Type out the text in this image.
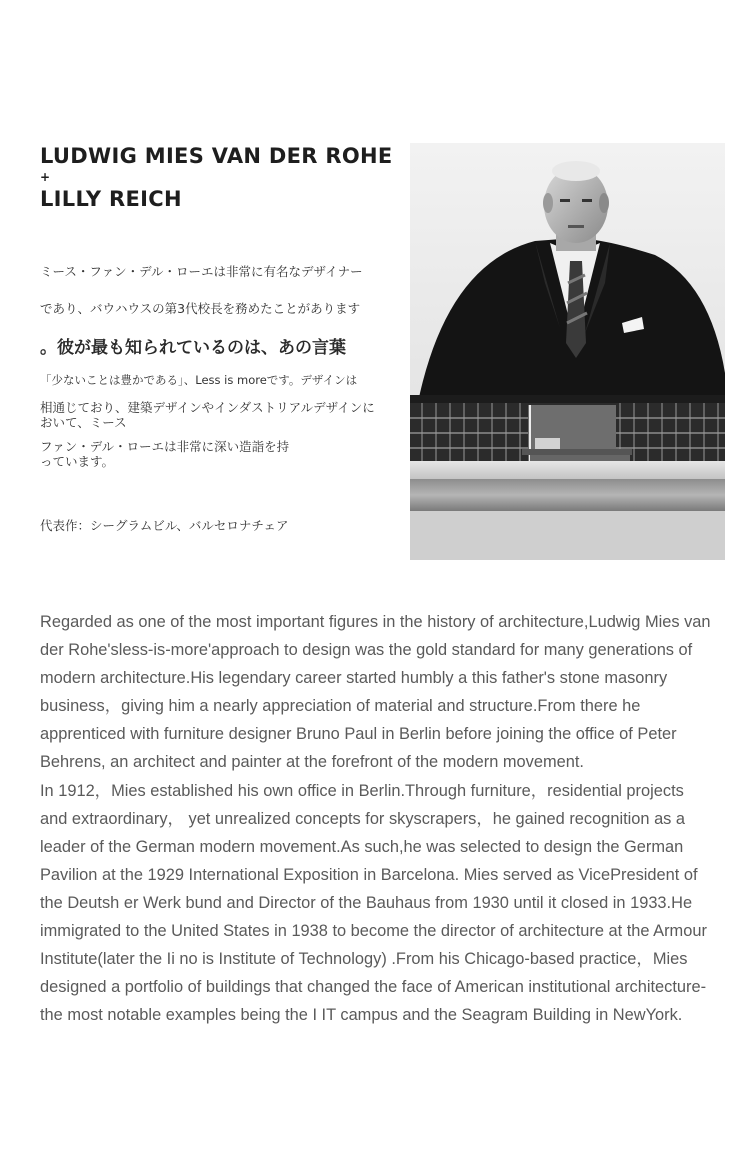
LUDWIG MIES VAN DER ROHE
+
LILLY REICH
ミース・ファン・デル・ローエは非常に有名なデザイナー
であり、バウハウスの第3代校長を務めたことがあります
。彼が最も知られているのは、あの言葉
「少ないことは豊かである」、Less is moreです。デザインは
相通じており、建築デザインやインダストリアルデザインに
おいて、ミース
ファン・デル・ローエは非常に深い造詣を持
っています。
代表作：シーグラムビル、バルセロナチェア

Regarded as one of the most important figures in the history of architecture,Ludwig Mies van der Rohe'sless-is-more'approach to design was the gold standard for many generations of modern architecture.His legendary career started humbly a this father's stone masonry business，giving him a nearly appreciation of material and structure.From there he apprenticed with furniture designer Bruno Paul in Berlin before joining the office of Peter Behrens, an architect and painter at the forefront of the modern movement.

In 1912，Mies established his own office in Berlin.Through furniture，residential projects and extraordinary， yet unrealized concepts for skyscrapers，he gained recognition as a leader of the German modern movement.As such,he was selected to design the German Pavilion at the 1929 International Exposition in Barcelona. Mies served as VicePresident of the Deutsh er Werk bund and Director of the Bauhaus from 1930 until it closed in 1933.He immigrated to the United States in 1938 to become the director of architecture at the Armour Institute(later the Ii no is Institute of Technology) .From his Chicago-based practice，Mies designed a portfolio of buildings that changed the face of American institutional architecture-the most notable examples being the I IT campus and the Seagram Building in NewYork.
